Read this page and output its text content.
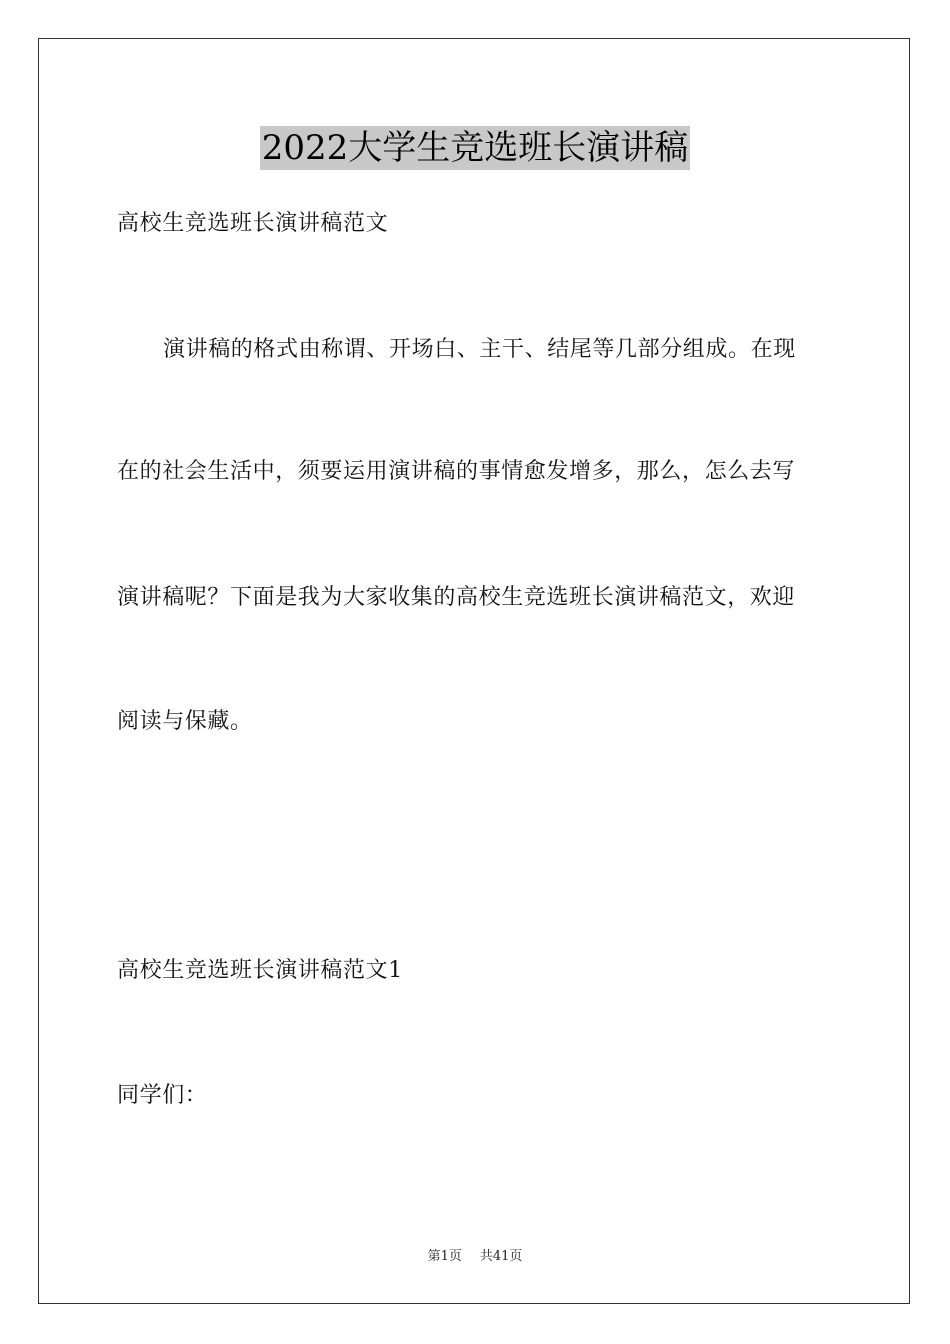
2022大学生竞选班长演讲稿
高校生竞选班长演讲稿范文
演讲稿的格式由称谓、开场白、主干、结尾等几部分组成。在现
在的社会生活中，须要运用演讲稿的事情愈发增多，那么，怎么去写
演讲稿呢？下面是我为大家收集的高校生竞选班长演讲稿范文，欢迎
阅读与保藏。
高校生竞选班长演讲稿范文1
同学们：
第1页 共41页
